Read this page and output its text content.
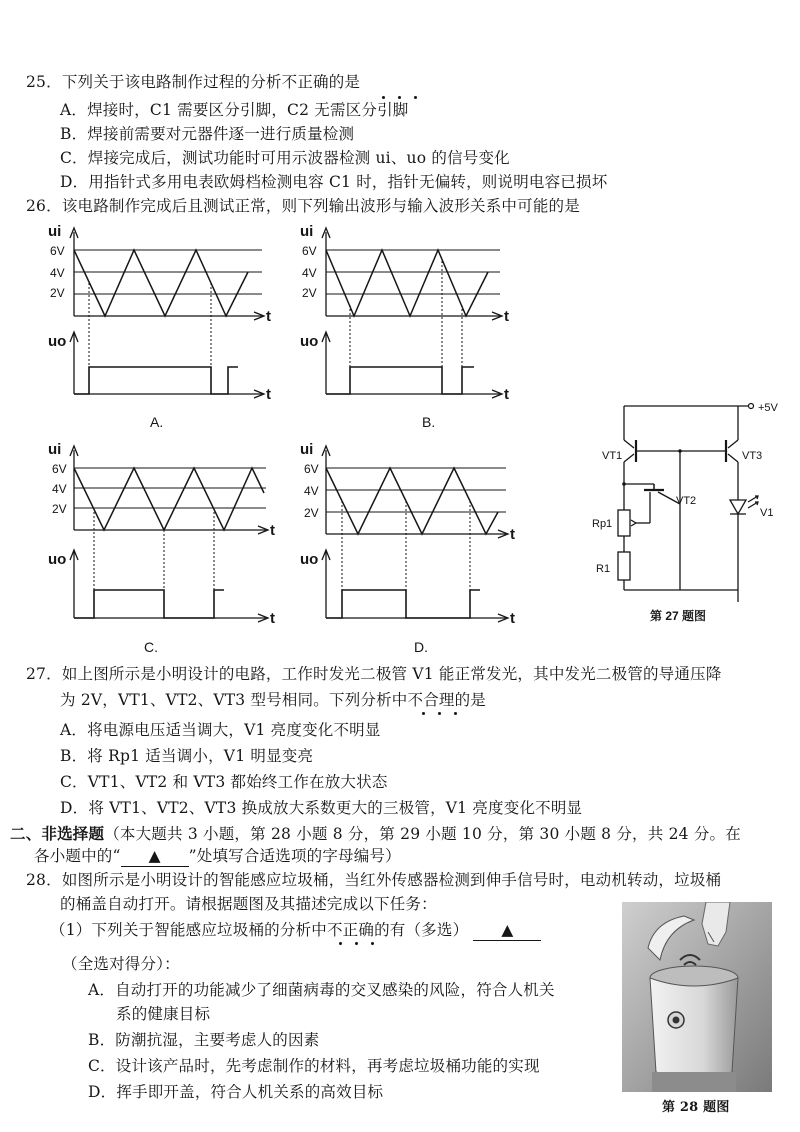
25．下列关于该电路制作过程的分析不正确的是
A．焊接时，C1 需要区分引脚，C2 无需区分引脚
B．焊接前需要对元器件逐一进行质量检测
C．焊接完成后，测试功能时可用示波器检测 ui、uo 的信号变化
D．用指针式多用电表欧姆档检测电容 C1 时，指针无偏转，则说明电容已损坏
26．该电路制作完成后且测试正常，则下列输出波形与输入波形关系中可能的是
ui
6V
4V
2V
t
uo
t
A.
ui
6V
4V
2V
t
uo
t
B.
ui
6V
4V
2V
t
uo
t
C.
ui
6V
4V
2V
t
uo
t
D.
+5V
VT1	VT3
VT2
Rp1
R1
V1
第 27 题图
27．如上图所示是小明设计的电路，工作时发光二极管 V1 能正常发光，其中发光二极管的导通压降
为 2V，VT1、VT2、VT3 型号相同。下列分析中不合理的是
A．将电源电压适当调大，V1 亮度变化不明显
B．将 Rp1 适当调小，V1 明显变亮
C．VT1、VT2 和 VT3 都始终工作在放大状态
D．将 VT1、VT2、VT3 换成放大系数更大的三极管，V1 亮度变化不明显
二、非选择题（本大题共 3 小题，第 28 小题 8 分，第 29 小题 10 分，第 30 小题 8 分，共 24 分。在
各小题中的“ ▲ ”处填写合适选项的字母编号）
28．如图所示是小明设计的智能感应垃圾桶，当红外传感器检测到伸手信号时，电动机转动，垃圾桶
的桶盖自动打开。请根据题图及其描述完成以下任务：
（1）下列关于智能感应垃圾桶的分析中不正确的有（多选） ▲
（全选对得分）：
A．自动打开的功能减少了细菌病毒的交叉感染的风险，符合人机关
系的健康目标
B．防潮抗湿，主要考虑人的因素
C．设计该产品时，先考虑制作的材料，再考虑垃圾桶功能的实现
D．挥手即开盖，符合人机关系的高效目标
第 28 题图
